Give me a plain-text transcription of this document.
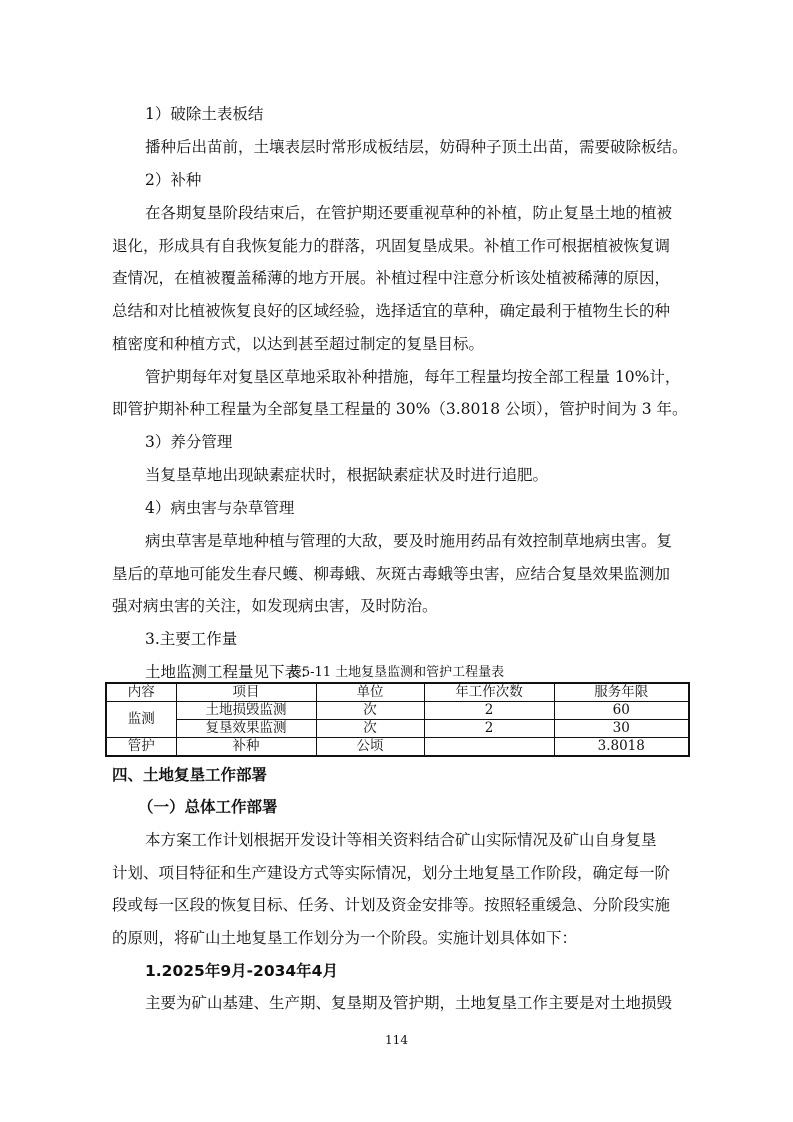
1）破除土表板结

播种后出苗前，土壤表层时常形成板结层，妨碍种子顶土出苗，需要破除板结。

2）补种

在各期复垦阶段结束后，在管护期还要重视草种的补植，防止复垦土地的植被

退化，形成具有自我恢复能力的群落，巩固复垦成果。补植工作可根据植被恢复调

查情况，在植被覆盖稀薄的地方开展。补植过程中注意分析该处植被稀薄的原因，

总结和对比植被恢复良好的区域经验，选择适宜的草种，确定最利于植物生长的种

植密度和种植方式，以达到甚至超过制定的复垦目标。

管护期每年对复垦区草地采取补种措施，每年工程量均按全部工程量 10%计，

即管护期补种工程量为全部复垦工程量的 30%（3.8018 公顷），管护时间为 3 年。

3）养分管理

当复垦草地出现缺素症状时，根据缺素症状及时进行追肥。

4）病虫害与杂草管理

病虫草害是草地种植与管理的大敌，要及时施用药品有效控制草地病虫害。复

垦后的草地可能发生春尺蠖、柳毒蛾、灰斑古毒蛾等虫害，应结合复垦效果监测加

强对病虫害的关注，如发现病虫害，及时防治。

3.主要工作量

土地监测工程量见下表：

表5-11 土地复垦监测和管护工程量表
内容	项目	单位	年工作次数	服务年限
监测	土地损毁监测	次	2	60
	复垦效果监测	次	2	30
管护	补种	公顷		3.8018

四、土地复垦工作部署

（一）总体工作部署

本方案工作计划根据开发设计等相关资料结合矿山实际情况及矿山自身复垦

计划、项目特征和生产建设方式等实际情况，划分土地复垦工作阶段，确定每一阶

段或每一区段的恢复目标、任务、计划及资金安排等。按照轻重缓急、分阶段实施

的原则，将矿山土地复垦工作划分为一个阶段。实施计划具体如下：

1.2025年9月-2034年4月

主要为矿山基建、生产期、复垦期及管护期，土地复垦工作主要是对土地损毁

114
